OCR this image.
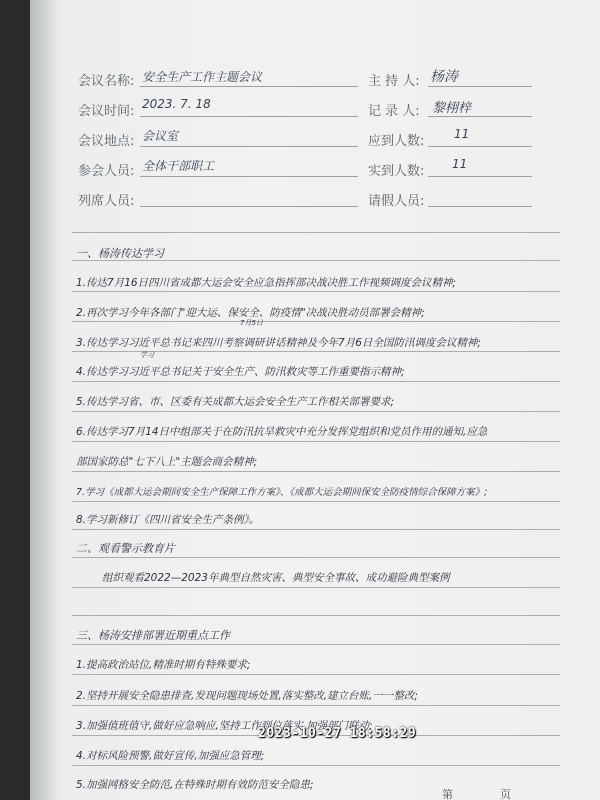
会议名称: 安全生产工作主题会议	主 持 人: 杨涛
会议时间: 2023. 7. 18	记 录 人: 黎栩梓
会议地点: 会议室	应到人数: 11
参会人员: 全体干部职工	实到人数: 11
列席人员:	请假人员:
一、杨涛传达学习
1.传达7月16日四川省成都大运会安全应急指挥部决战决胜工作视频调度会议精神;
2.再次学习今年各部门"迎大运、保安全、防疫情"决战决胜动员部署会精神;
7月5日
3.传达学习习近平总书记来四川考察调研讲话精神及今年7月6日全国防汛调度会议精神;
学习
4.传达学习习近平总书记关于安全生产、防汛救灾等工作重要指示精神;
5.传达学习省、市、区委有关成都大运会安全生产工作相关部署要求;
6.传达学习7月14日中组部关于在防汛抗旱救灾中充分发挥党组织和党员作用的通知,应急
部国家防总"七下八上"主题会商会精神;
7.学习《成都大运会期间安全生产保障工作方案》、《成都大运会期间保安全防疫情综合保障方案》;
8.学习新修订《四川省安全生产条例》。
二、观看警示教育片
组织观看2022—2023年典型自然灾害、典型安全事故、成功避险典型案例
三、杨涛安排部署近期重点工作
1.提高政治站位,精准时期有特殊要求;
2.坚持开展安全隐患排查,发现问题现场处置,落实整改,建立台账,一一整改;
3.加强值班值守,做好应急响应,坚持工作到位落实,加强部门联动;
4.对标风险预警,做好宣传,加强应急管理;
5.加强网格安全防范,在特殊时期有效防范安全隐患;
第	页
2023-10-27 18:58:29
